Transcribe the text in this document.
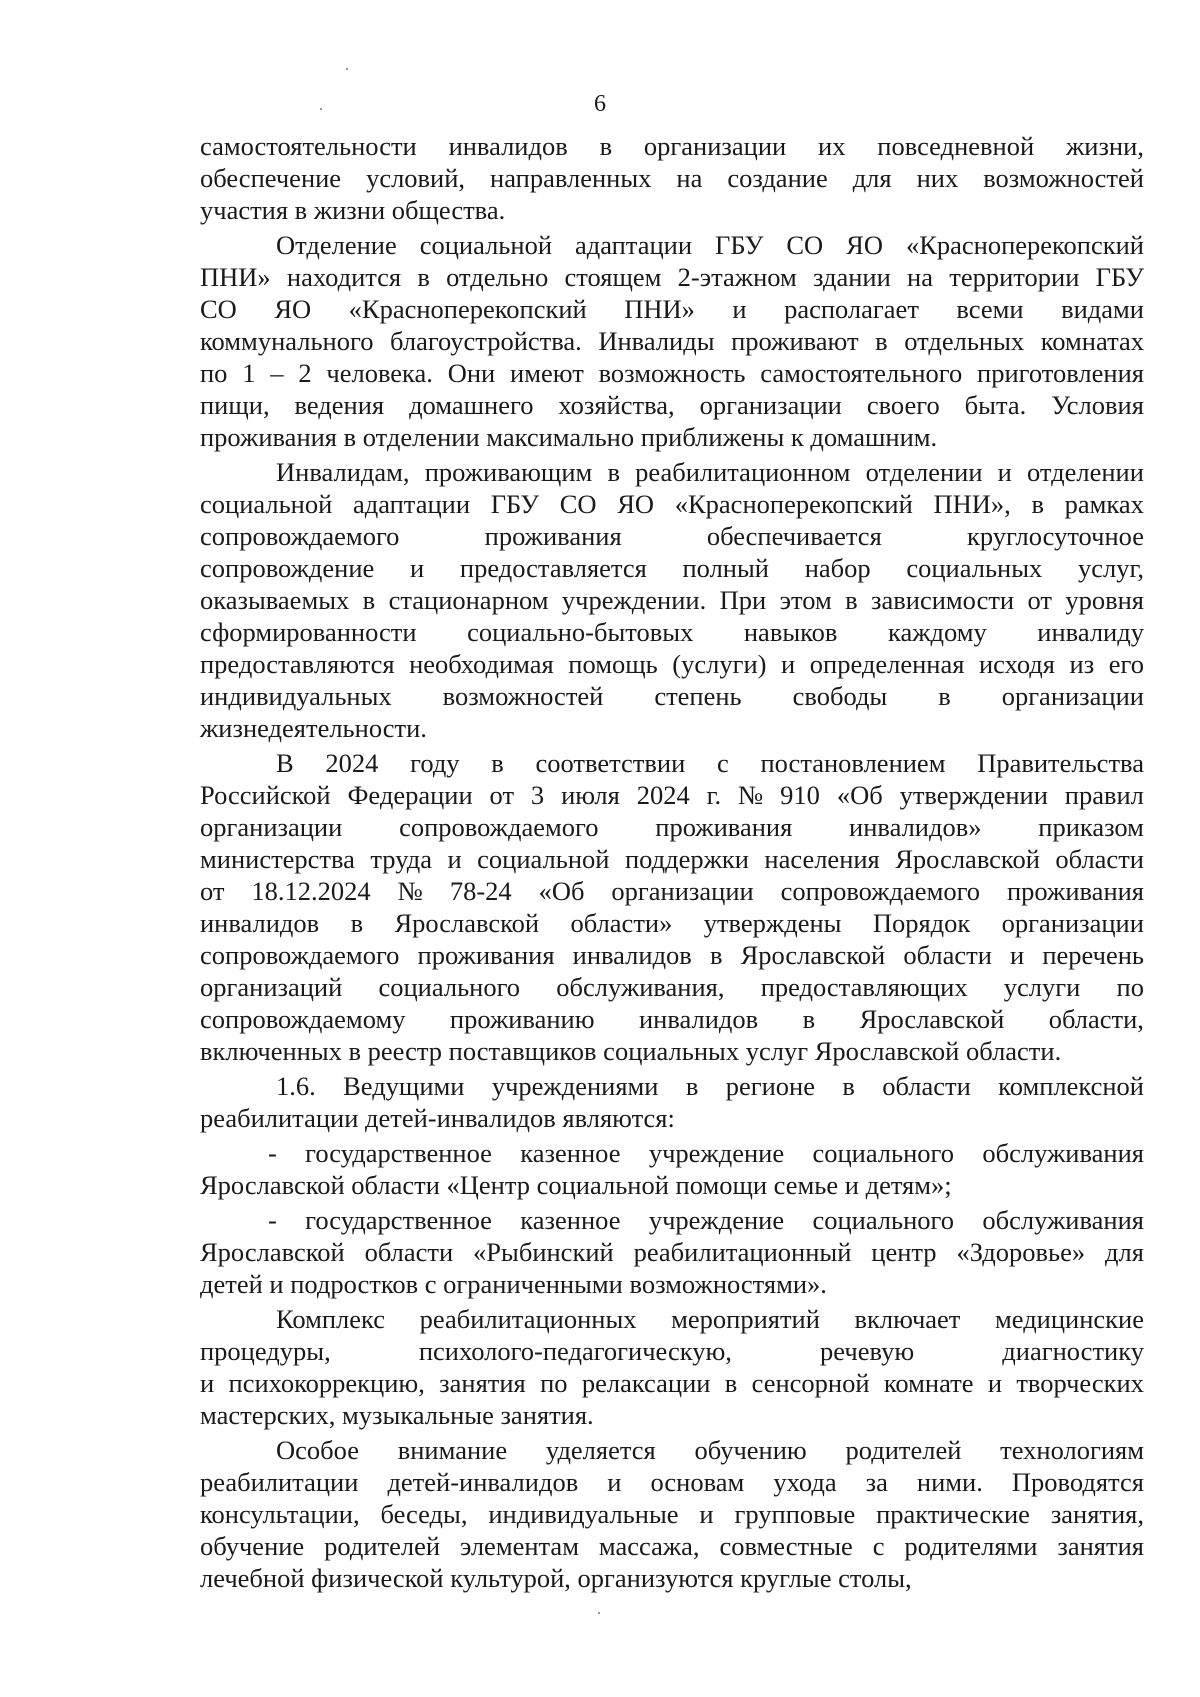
6
самостоятельности инвалидов в организации их повседневной жизни,
обеспечение условий, направленных на создание для них возможностей
участия в жизни общества.
Отделение социальной адаптации ГБУ СО ЯО «Краснoперекопский
ПНИ» находится в отдельно стоящем 2-этажном здании на территории ГБУ
СО ЯО «Красноперекопский ПНИ» и располагает всеми видами
коммунального благоустройства. Инвалиды проживают в отдельных комнатах
по 1 – 2 человека. Они имеют возможность самостоятельного приготовления
пищи, ведения домашнего хозяйства, организации своего быта. Условия
проживания в отделении максимально приближены к домашним.
Инвалидам, проживающим в реабилитационном отделении и отделении
социальной адаптации ГБУ СО ЯО «Красноперекопский ПНИ», в рамках
сопровождаемого	проживания	обеспечивается	круглосуточное
сопровождение и предоставляется полный набор социальных услуг,
оказываемых в стационарном учреждении. При этом в зависимости от уровня
сформированности социально-бытовых навыков каждому инвалиду
предоставляются необходимая помощь (услуги) и определенная исходя из его
индивидуальных возможностей степень свободы в организации
жизнедеятельности.
В 2024 году в соответствии с постановлением Правительства
Российской Федерации от 3 июля 2024 г. № 910 «Об утверждении правил
организации сопровождаемого проживания инвалидов» приказом
министерства труда и социальной поддержки населения Ярославской области
от 18.12.2024 № 78-24 «Об организации сопровождаемого проживания
инвалидов в Ярославской области» утверждены Порядок организации
сопровождаемого проживания инвалидов в Ярославской области и перечень
организаций социального обслуживания, предоставляющих услуги по
сопровождаемому проживанию инвалидов в Ярославской области,
включенных в реестр поставщиков социальных услуг Ярославской области.
1.6. Ведущими учреждениями в регионе в области комплексной
реабилитации детей-инвалидов являются:
- государственное казенное учреждение социального обслуживания
Ярославской области «Центр социальной помощи семье и детям»;
- государственное казенное учреждение социального обслуживания
Ярославской области «Рыбинский реабилитационный центр «Здоровье» для
детей и подростков с ограниченными возможностями».
Комплекс реабилитационных мероприятий включает медицинские
процедуры,	психолого-педагогическую,	речевую	диагностику
и психокоррекцию, занятия по релаксации в сенсорной комнате и творческих
мастерских, музыкальные занятия.
Особое внимание уделяется обучению родителей технологиям
реабилитации детей-инвалидов и основам ухода за ними. Проводятся
консультации, беседы, индивидуальные и групповые практические занятия,
обучение родителей элементам массажа, совместные с родителями занятия
лечебной физической культурой, организуются круглые столы,
